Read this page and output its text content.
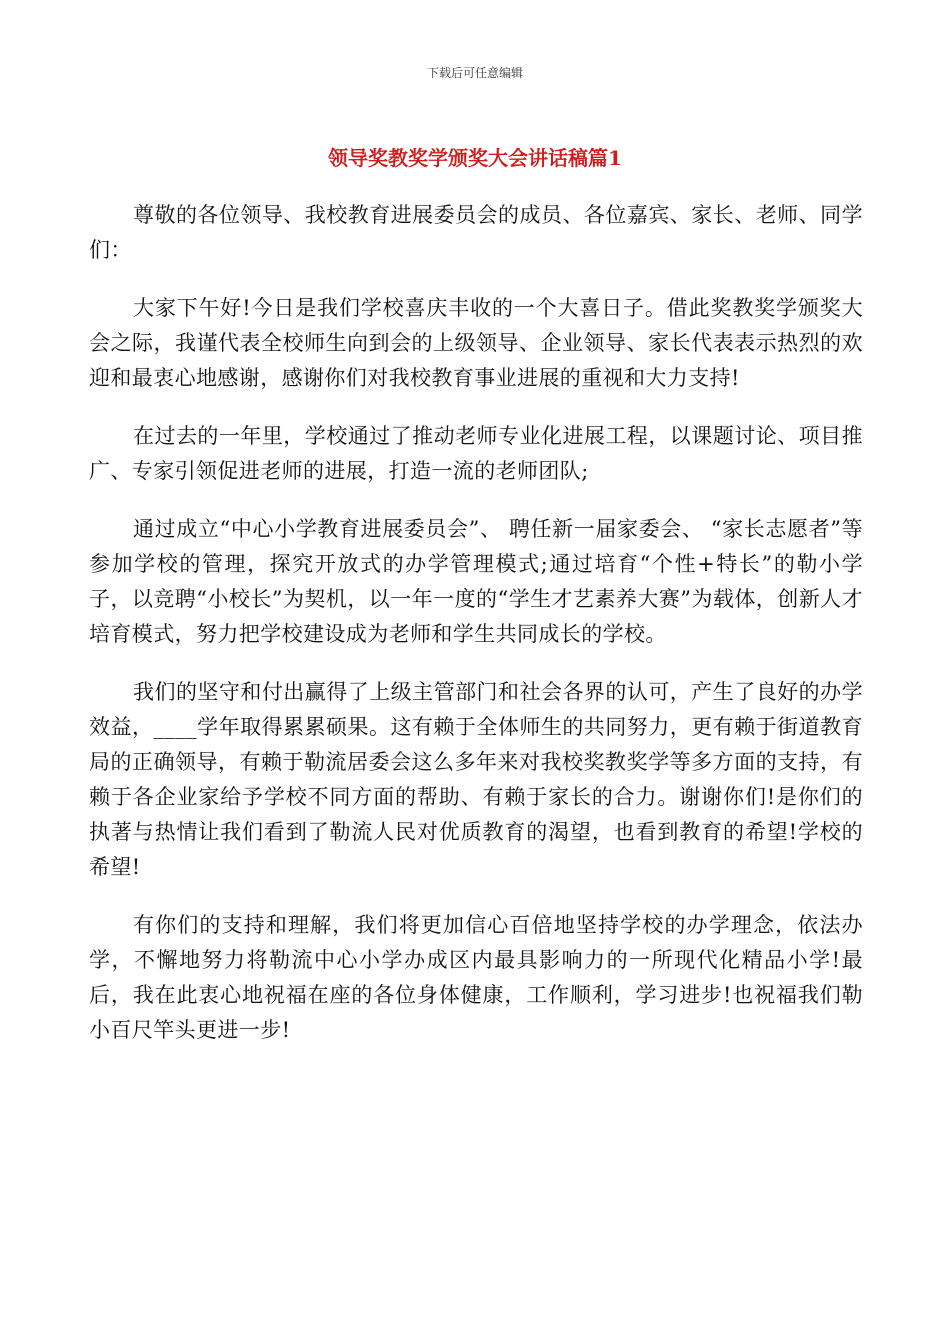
下载后可任意编辑
领导奖教奖学颁奖大会讲话稿篇1

尊敬的各位领导、我校教育进展委员会的成员、各位嘉宾、家长、老师、同学们：

大家下午好!今日是我们学校喜庆丰收的一个大喜日子。借此奖教奖学颁奖大会之际，我谨代表全校师生向到会的上级领导、企业领导、家长代表表示热烈的欢迎和最衷心地感谢，感谢你们对我校教育事业进展的重视和大力支持!

在过去的一年里，学校通过了推动老师专业化进展工程，以课题讨论、项目推广、专家引领促进老师的进展，打造一流的老师团队;

通过成立“中心小学教育进展委员会”、 聘任新一届家委会、 “家长志愿者”等参加学校的管理，探究开放式的办学管理模式;通过培育“个性+特长”的勒小学子，以竞聘“小校长”为契机，以一年一度的“学生才艺素养大赛”为载体，创新人才培育模式，努力把学校建设成为老师和学生共同成长的学校。

我们的坚守和付出赢得了上级主管部门和社会各界的认可，产生了良好的办学效益，____学年取得累累硕果。这有赖于全体师生的共同努力，更有赖于街道教育局的正确领导，有赖于勒流居委会这么多年来对我校奖教奖学等多方面的支持，有赖于各企业家给予学校不同方面的帮助、有赖于家长的合力。谢谢你们!是你们的执著与热情让我们看到了勒流人民对优质教育的渴望，也看到教育的希望!学校的希望!

有你们的支持和理解，我们将更加信心百倍地坚持学校的办学理念，依法办学，不懈地努力将勒流中心小学办成区内最具影响力的一所现代化精品小学!最后，我在此衷心地祝福在座的各位身体健康，工作顺利，学习进步!也祝福我们勒小百尺竿头更进一步!
